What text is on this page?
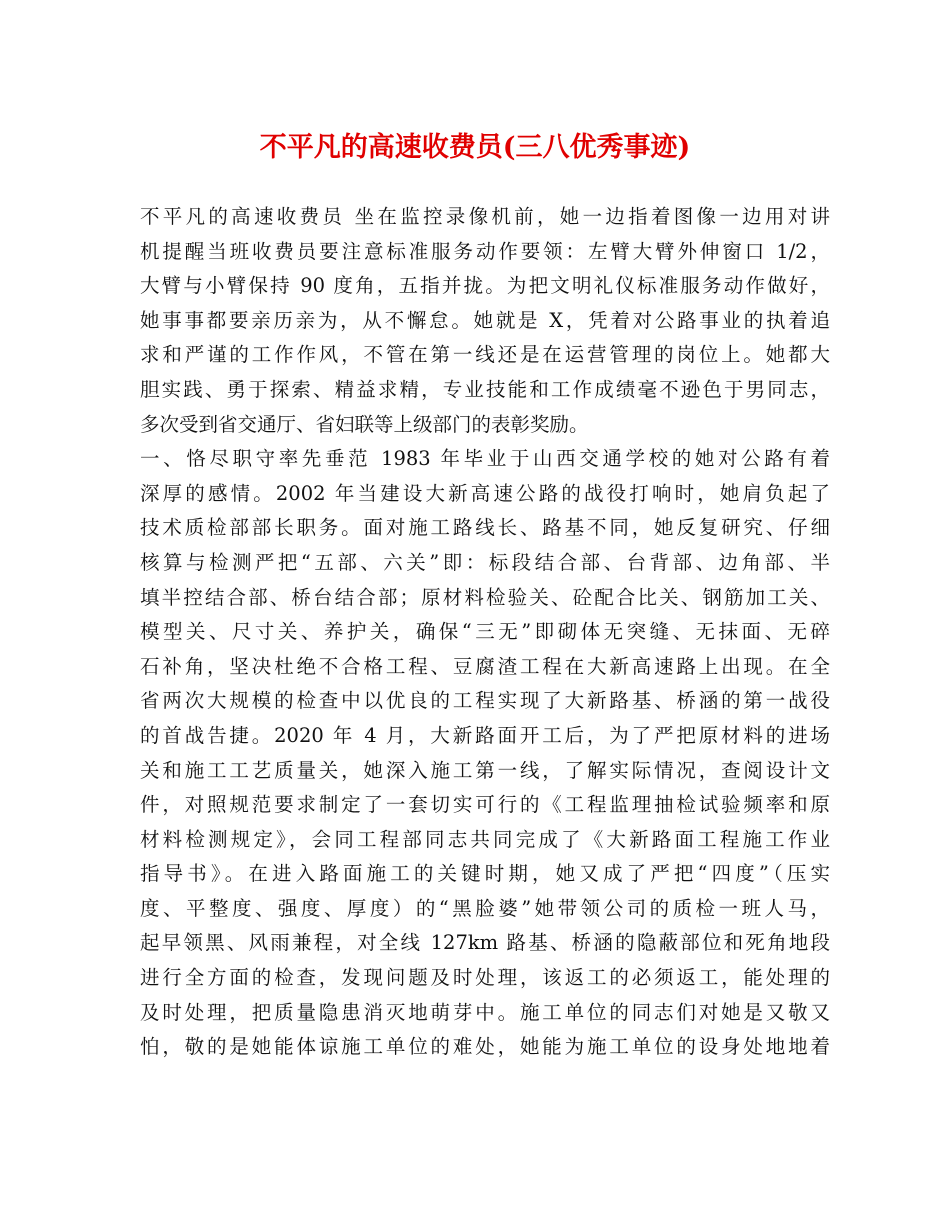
不平凡的高速收费员(三八优秀事迹)
不平凡的高速收费员 坐在监控录像机前，她一边指着图像一边用对讲
机提醒当班收费员要注意标准服务动作要领：左臂大臂外伸窗口 1/2，
大臂与小臂保持 90 度角，五指并拢。为把文明礼仪标准服务动作做好，
她事事都要亲历亲为，从不懈怠。她就是 X，凭着对公路事业的执着追
求和严谨的工作作风，不管在第一线还是在运营管理的岗位上。她都大
胆实践、勇于探索、精益求精，专业技能和工作成绩毫不逊色于男同志，
多次受到省交通厅、省妇联等上级部门的表彰奖励。
一、恪尽职守率先垂范 1983 年毕业于山西交通学校的她对公路有着
深厚的感情。2002 年当建设大新高速公路的战役打响时，她肩负起了
技术质检部部长职务。面对施工路线长、路基不同，她反复研究、仔细
核算与检测严把“五部、六关”即：标段结合部、台背部、边角部、半
填半控结合部、桥台结合部；原材料检验关、砼配合比关、钢筋加工关、
模型关、尺寸关、养护关，确保“三无”即砌体无突缝、无抹面、无碎
石补角，坚决杜绝不合格工程、豆腐渣工程在大新高速路上出现。在全
省两次大规模的检查中以优良的工程实现了大新路基、桥涵的第一战役
的首战告捷。2020 年 4 月，大新路面开工后，为了严把原材料的进场
关和施工工艺质量关，她深入施工第一线，了解实际情况，查阅设计文
件，对照规范要求制定了一套切实可行的《工程监理抽检试验频率和原
材料检测规定》，会同工程部同志共同完成了《大新路面工程施工作业
指导书》。在进入路面施工的关键时期，她又成了严把“四度”（压实
度、平整度、强度、厚度）的“黑脸婆”她带领公司的质检一班人马，
起早领黑、风雨兼程，对全线 127km 路基、桥涵的隐蔽部位和死角地段
进行全方面的检查，发现问题及时处理，该返工的必须返工，能处理的
及时处理，把质量隐患消灭地萌芽中。施工单位的同志们对她是又敬又
怕，敬的是她能体谅施工单位的难处，她能为施工单位的设身处地地着
